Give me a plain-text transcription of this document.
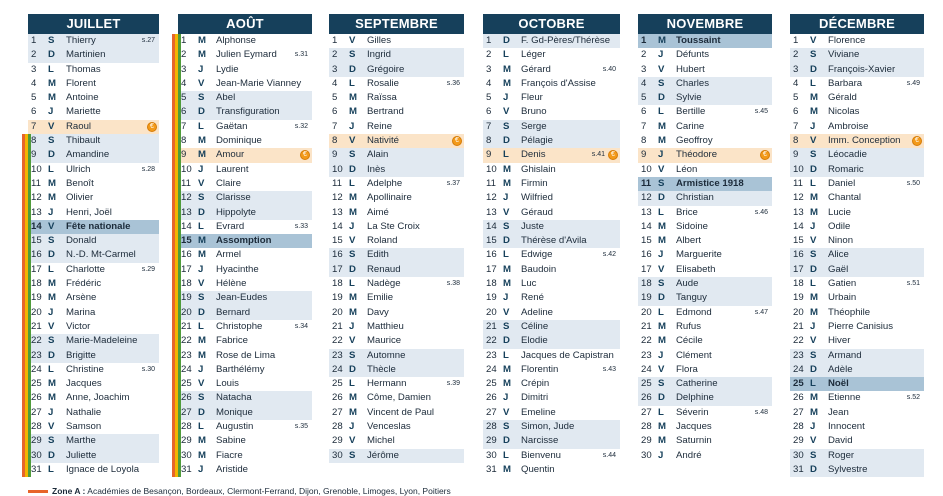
JUILLET
1	S	Thierry	s.27
2	D	Martinien
3	L	Thomas
4	M Florent
5	M Antoine
6	J	Mariette
7	V	Raoul	€
8	S	Thibault
9	D	Amandine
10 L	Ulrich	s.28
11 M Benoît
12 M Olivier
13 J	Henri, Joël
14 V	Fête nationale
15 S	Donald
16 D	N.-D. Mt-Carmel
17 L	Charlotte	s.29
18 M Frédéric
19 M Arsène
20 J	Marina
21 V	Victor
22 S	Marie-Madeleine
23 D	Brigitte
24 L	Christine	s.30
25 M Jacques
26 M Anne, Joachim
27 J	Nathalie
28 V	Samson
29 S	Marthe
30 D	Juliette
31 L	Ignace de Loyola
AOÛT
1	M Alphonse
2	M Julien Eymard	s.31
3	J	Lydie
4	V	Jean-Marie Vianney
5	S	Abel
6	D	Transfiguration
7	L	Gaëtan	s.32
8	M Dominique
9	M Amour	€
10 J	Laurent
11 V	Claire
12 S	Clarisse
13 D	Hippolyte
14 L	Evrard	s.33
15 M Assomption
16 M Armel
17 J	Hyacinthe
18 V	Hélène
19 S	Jean-Eudes
20 D	Bernard
21 L	Christophe	s.34
22 M Fabrice
23 M Rose de Lima
24 J	Barthélémy
25 V	Louis
26 S	Natacha
27 D	Monique
28 L	Augustin	s.35
29 M Sabine
30 M Fiacre
31 J	Aristide
SEPTEMBRE
1	V	Gilles
2	S	Ingrid
3	D	Grégoire
4	L	Rosalie	s.36
5	M Raïssa
6	M Bertrand
7	J	Reine
8	V	Nativité	€
9	S	Alain
10 D	Inès
11 L	Adelphe	s.37
12 M Apollinaire
13 M Aimé
14 J	La Ste Croix
15 V	Roland
16 S	Edith
17 D	Renaud
18 L	Nadège	s.38
19 M Emilie
20 M Davy
21 J	Matthieu
22 V	Maurice
23 S	Automne
24 D	Thècle
25 L	Hermann	s.39
26 M Côme, Damien
27 M Vincent de Paul
28 J	Venceslas
29 V	Michel
30 S	Jérôme
OCTOBRE
1	D	F. Gd-Pères/Thérèse
2	L	Léger
3	M Gérard	s.40
4	M François d'Assise
5	J	Fleur
6	V	Bruno
7	S	Serge
8	D	Pélagie
9	L	Denis	s.41 €
10 M Ghislain
11 M Firmin
12 J	Wilfried
13 V	Géraud
14 S	Juste
15 D	Thérèse d'Avila
16 L	Edwige	s.42
17 M Baudoin
18 M Luc
19 J	René
20 V	Adeline
21 S	Céline
22 D	Elodie
23 L	Jacques de Capistran
24 M Florentin	s.43
25 M Crépin
26 J	Dimitri
27 V	Emeline
28 S	Simon, Jude
29 D	Narcisse
30 L	Bienvenu	s.44
31 M Quentin
NOVEMBRE
1	M Toussaint
2	J	Défunts
3	V	Hubert
4	S	Charles
5	D	Sylvie
6	L	Bertille	s.45
7	M Carine
8	M Geoffroy
9	J	Théodore	€
10 V	Léon
11 S	Armistice 1918
12 D	Christian
13 L	Brice	s.46
14 M Sidoine
15 M Albert
16 J	Marguerite
17 V	Elisabeth
18 S	Aude
19 D	Tanguy
20 L	Edmond	s.47
21 M Rufus
22 M Cécile
23 J	Clément
24 V	Flora
25 S	Catherine
26 D	Delphine
27 L	Séverin	s.48
28 M Jacques
29 M Saturnin
30 J	André
DÉCEMBRE
1	V	Florence
2	S	Viviane
3	D	François-Xavier
4	L	Barbara	s.49
5	M Gérald
6	M Nicolas
7	J	Ambroise
8	V	Imm. Conception	€
9	S	Léocadie
10 D	Romaric
11 L	Daniel	s.50
12 M Chantal
13 M Lucie
14 J	Odile
15 V	Ninon
16 S	Alice
17 D	Gaël
18 L	Gatien	s.51
19 M Urbain
20 M Théophile
21 J	Pierre Canisius
22 V	Hiver
23 S	Armand
24 D	Adèle
25 L	Noël
26 M Etienne	s.52
27 M Jean
28 J	Innocent
29 V	David
30 S	Roger
31 D	Sylvestre
Zone A : Académies de Besançon, Bordeaux, Clermont-Ferrand, Dijon, Grenoble, Limoges, Lyon, Poitiers
